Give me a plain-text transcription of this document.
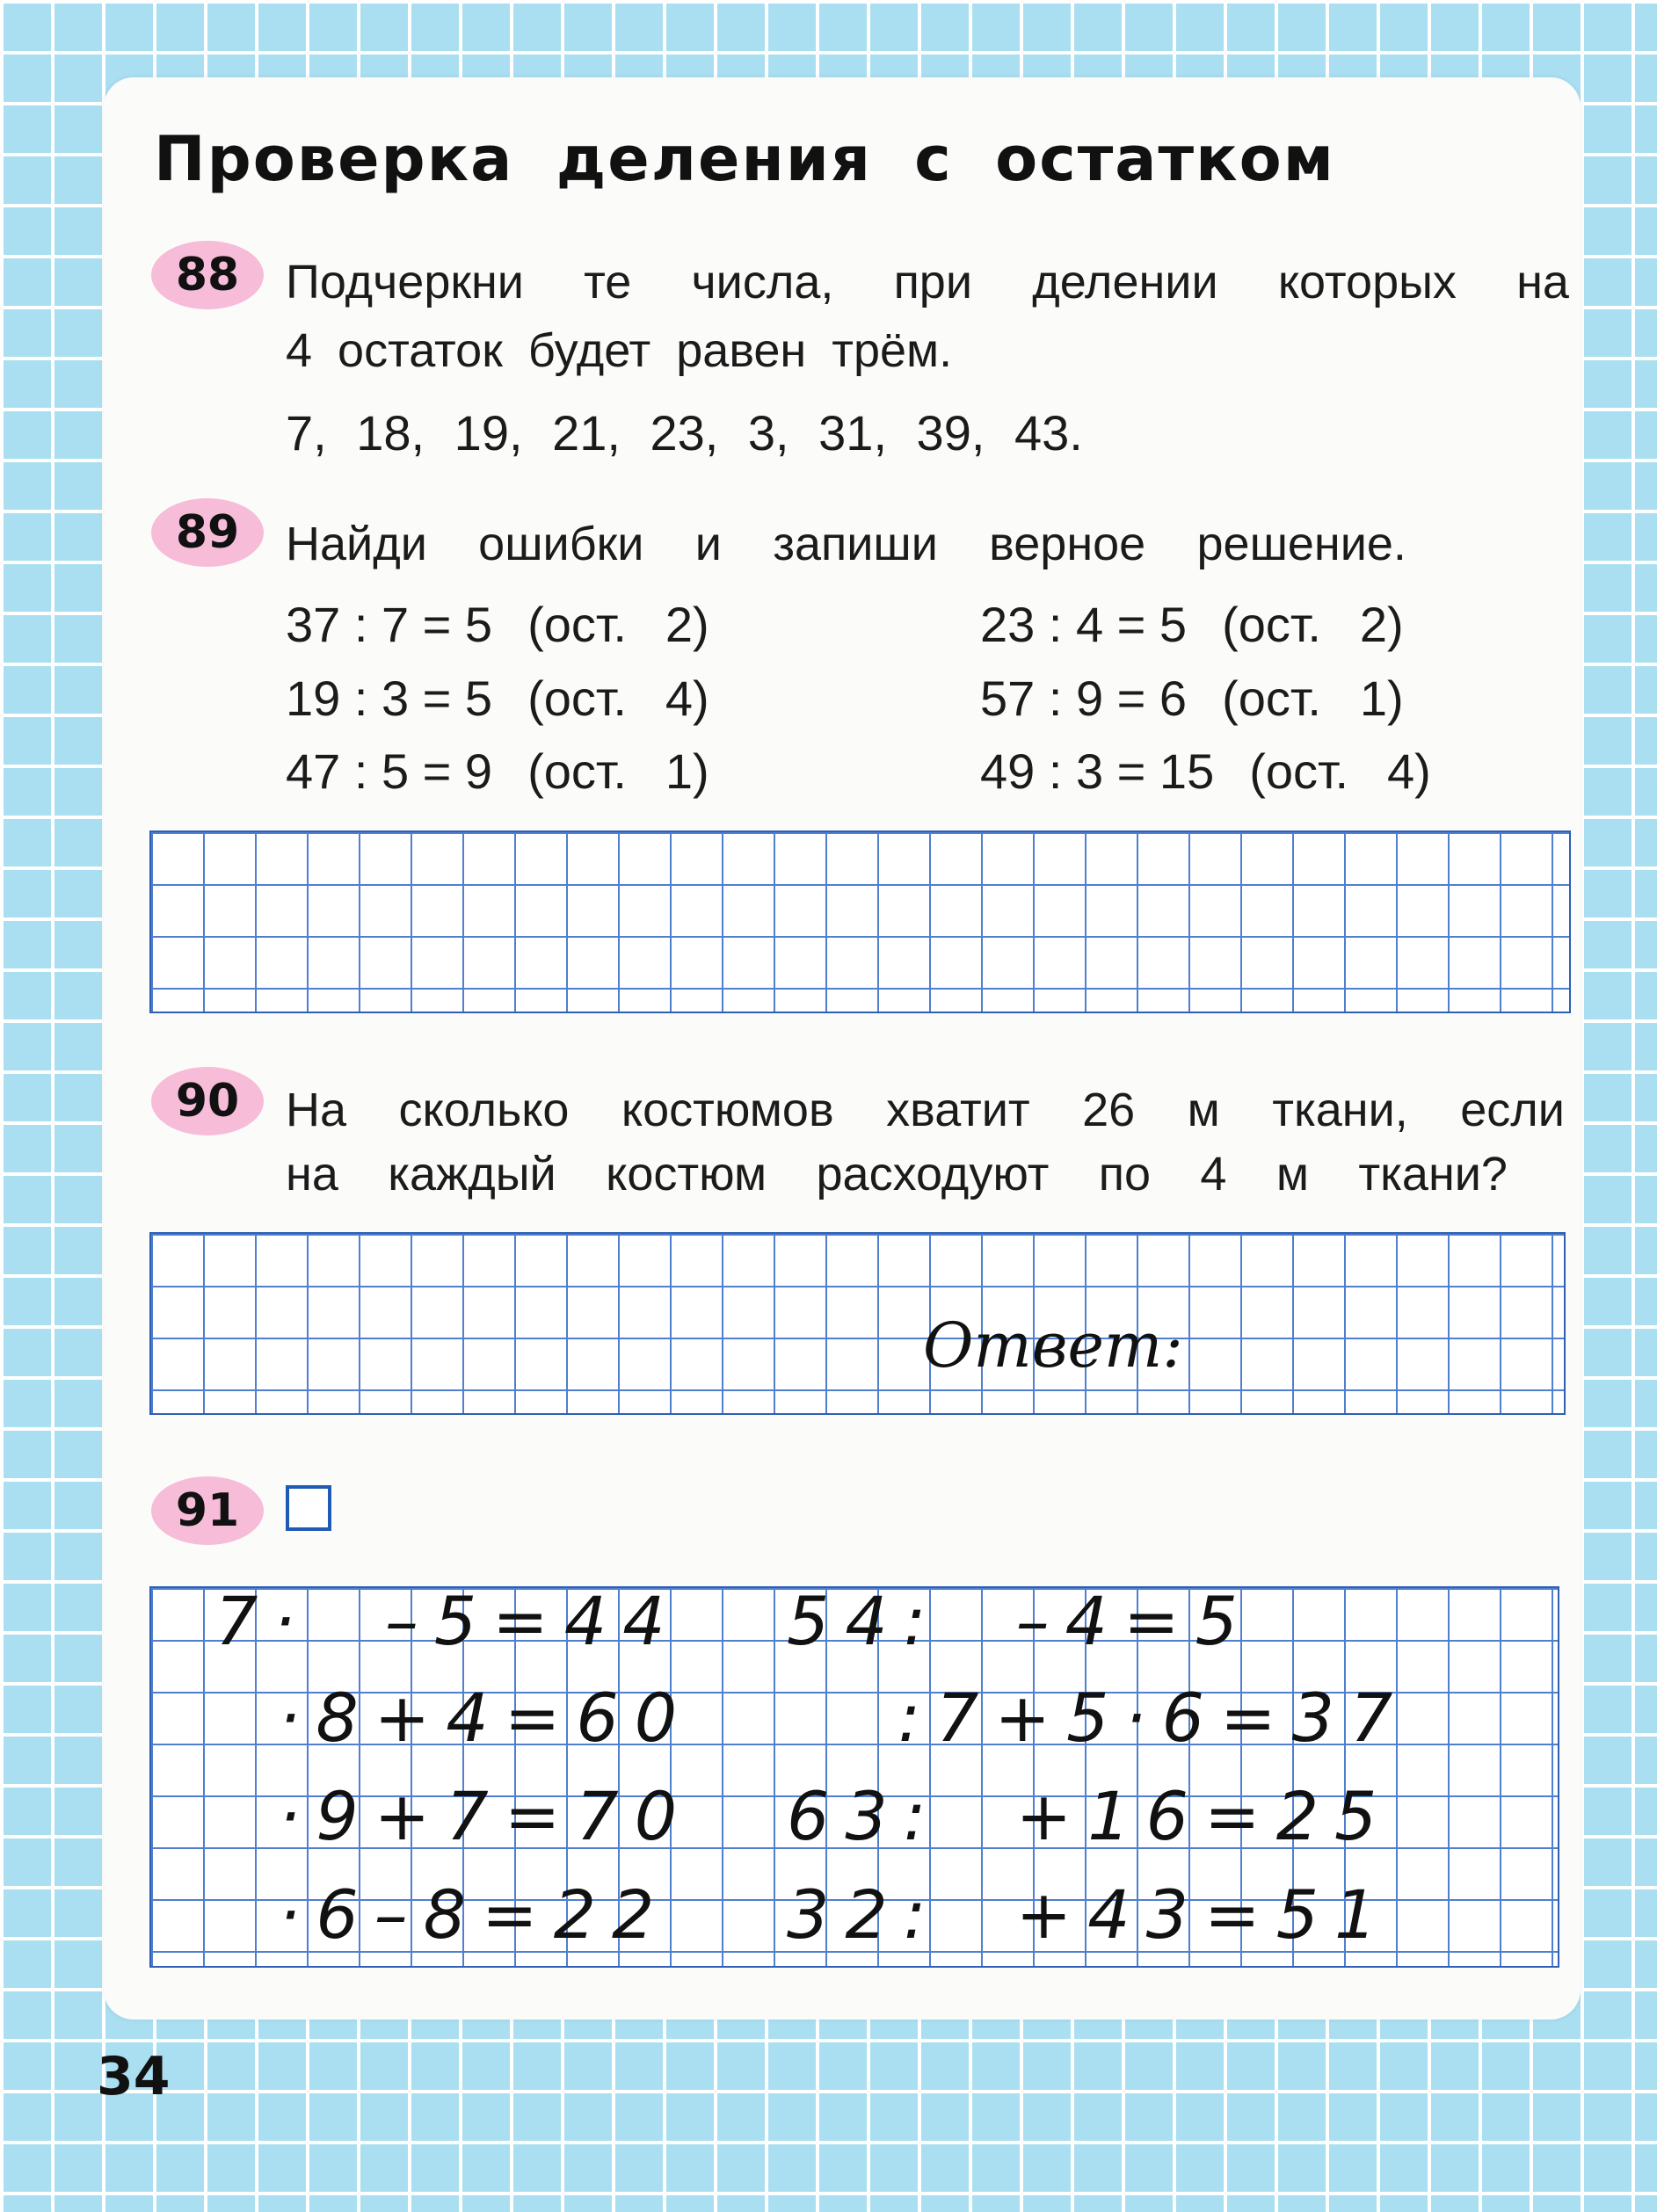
Проверка деления с остатком
88 Подчеркни те числа, при делении которых на
4 остаток будет равен трём.
7, 18, 19, 21, 23, 3, 31, 39, 43.
89 Найди ошибки и запиши верное решение.
37 : 7 = 5 (ост. 2)
19 : 3 = 5 (ост. 4)
47 : 5 = 9 (ост. 1)
23 : 4 = 5 (ост. 2)
57 : 9 = 6 (ост. 1)
49 : 3 = 15 (ост. 4)
90 На сколько костюмов хватит 26 м ткани, если
на каждый костюм расходуют по 4 м ткани?
Ответ:
91
7·  –5=44
·8+4=60
·9+7=70
·6–8=22
54:  –4=5
:7+5·6=37
63:  +16=25
32:  +43=51
34
